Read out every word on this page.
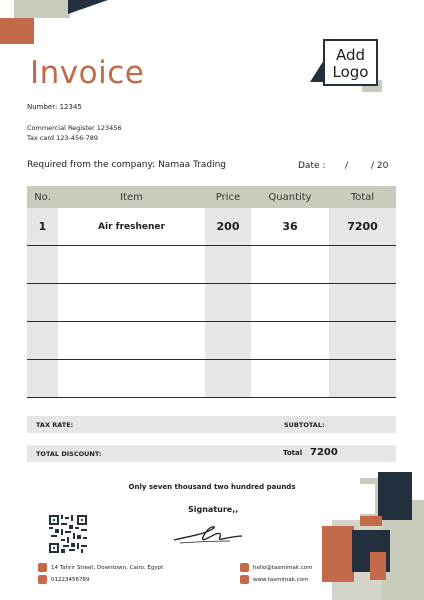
Invoice	Add
Logo
Number: 12345
Commercial Register 123456
Tax card 123-456-789
Required from the company: Namaa Trading	Date : /	/ 20
No.	Item	Price	Quantity	Total
1	Air freshener	200	36	7200
TAX RATE:	SUBTOTAL:
TOTAL DISCOUNT:	Total 7200
Only seven thousand two hundred paunds
Signature,,
14 Tahrir Street, Downtown, Cairo, Egypt
01223456789
hello@tasmimak.com
www.tasmimak.com
